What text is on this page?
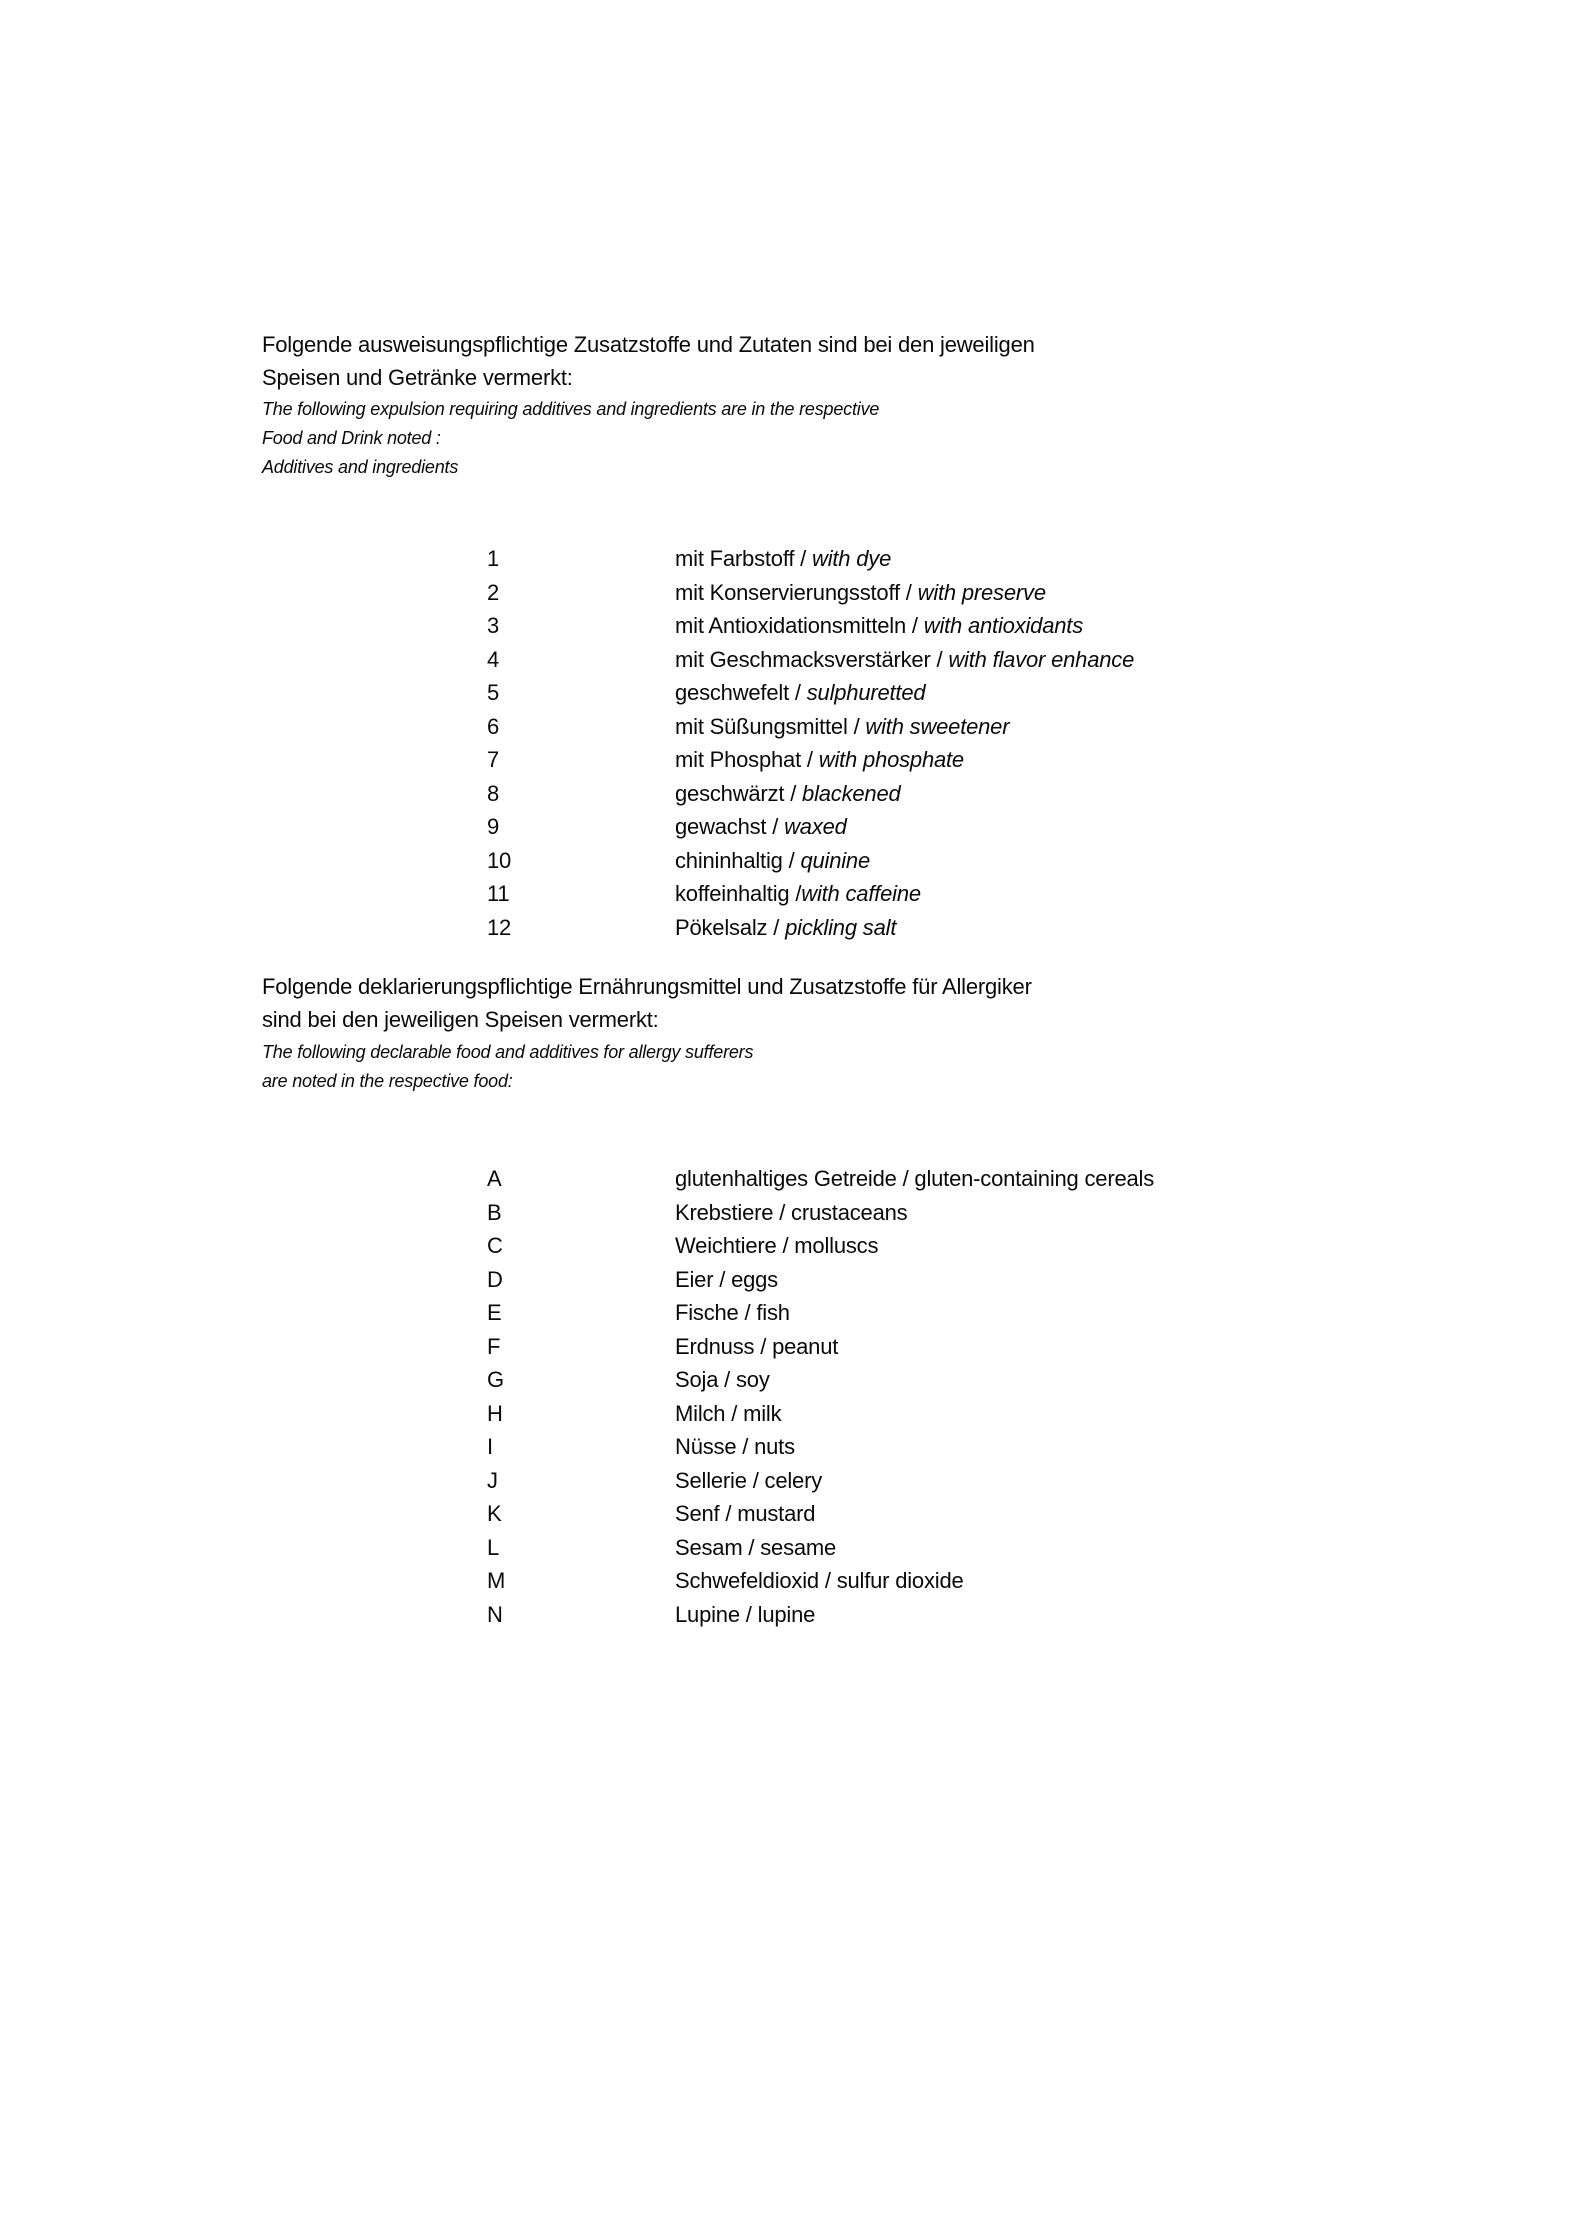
Folgende ausweisungspflichtige Zusatzstoffe und Zutaten sind bei den jeweiligen
Speisen und Getränke vermerkt:
The following expulsion requiring additives and ingredients are in the respective
Food and Drink noted :
Additives and ingredients
1	mit Farbstoff / with dye
2	mit Konservierungsstoff / with preserve
3	mit Antioxidationsmitteln / with antioxidants
4	mit Geschmacksverstärker / with flavor enhance
5	geschwefelt / sulphuretted
6	mit Süßungsmittel / with sweetener
7	mit Phosphat / with phosphate
8	geschwärzt / blackened
9	gewachst / waxed
10	chininhaltig / quinine
11	koffeinhaltig /with caffeine
12	Pökelsalz / pickling salt
Folgende deklarierungspflichtige Ernährungsmittel und Zusatzstoffe für Allergiker
sind bei den jeweiligen Speisen vermerkt:
The following declarable food and additives for allergy sufferers
are noted in the respective food:
A	glutenhaltiges Getreide / gluten-containing cereals
B	Krebstiere / crustaceans
C	Weichtiere / molluscs
D	Eier / eggs
E	Fische / fish
F	Erdnuss / peanut
G	Soja / soy
H	Milch / milk
I	Nüsse / nuts
J	Sellerie / celery
K	Senf / mustard
L	Sesam / sesame
M	Schwefeldioxid / sulfur dioxide
N	Lupine / lupine
